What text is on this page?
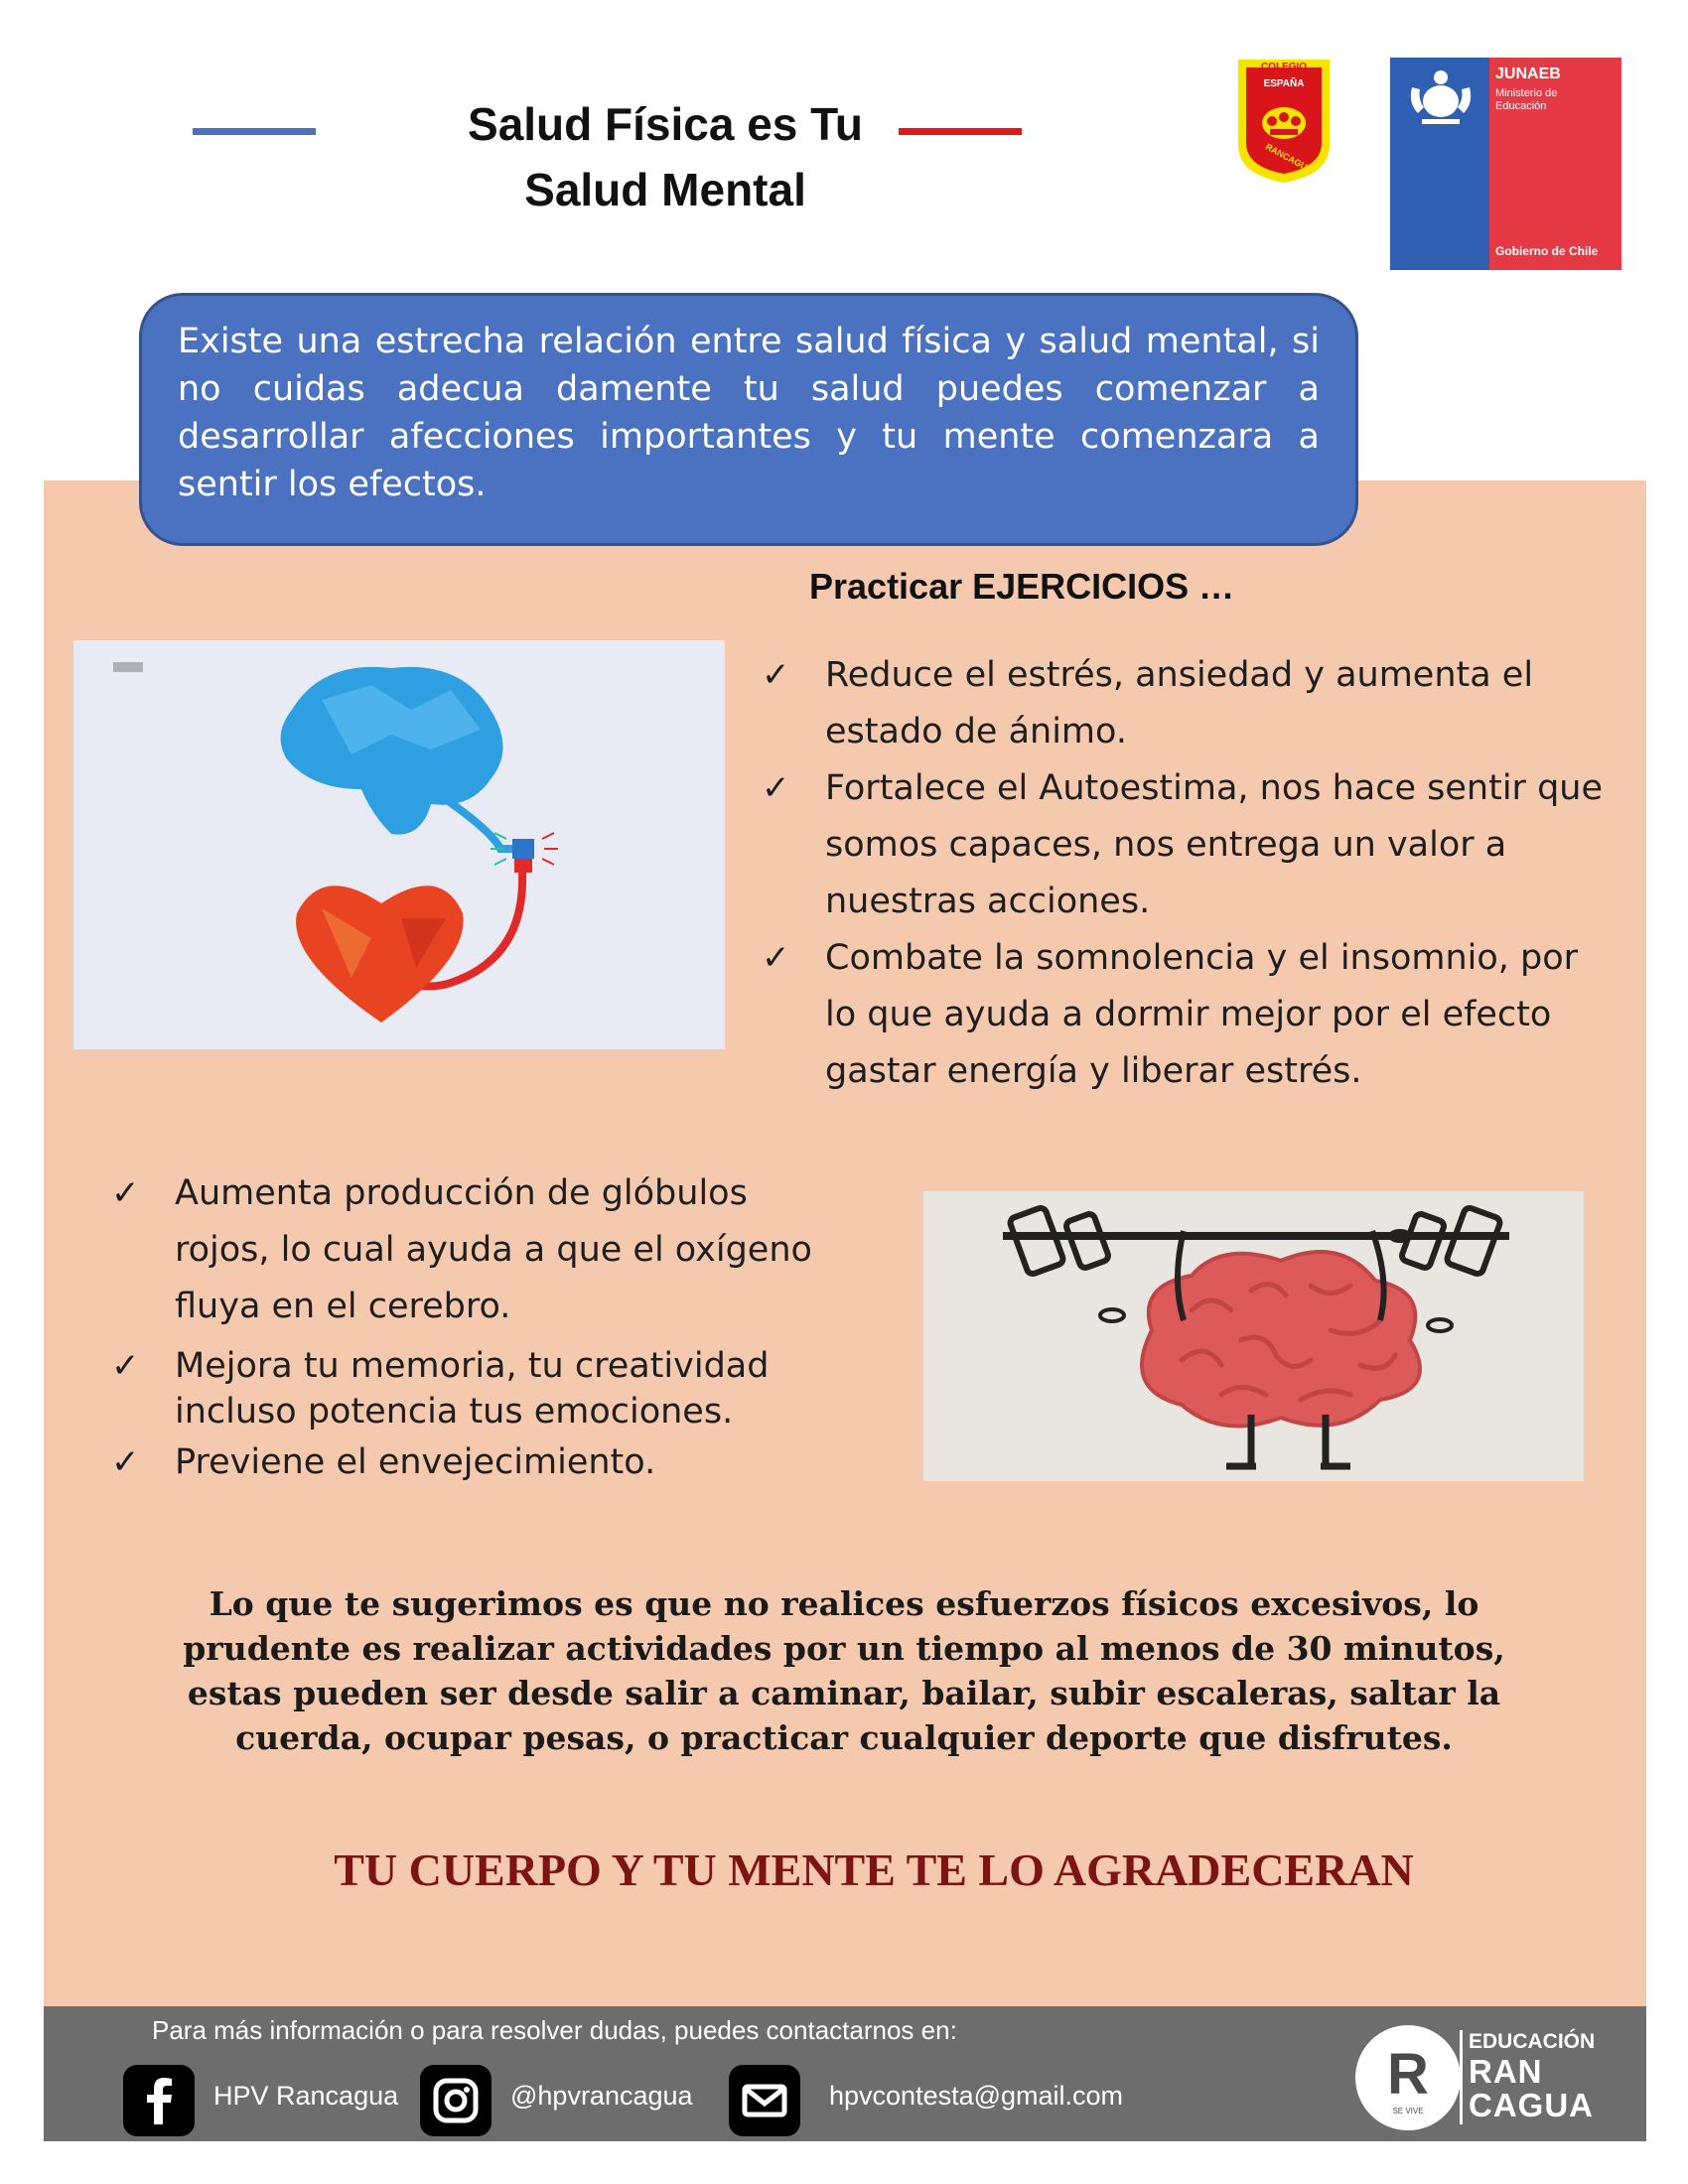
Salud Física es Tu Salud Mental
COLEGIO
ESPAÑA
RANCAGUA
JUNAEB
Ministerio de Educación
Gobierno de Chile
Existe una estrecha relación entre salud física y salud mental, si no cuidas adecua damente tu salud puedes comenzar a desarrollar afecciones importantes y tu mente comenzara a sentir los efectos.
Practicar EJERCICIOS …
✓ Reduce el estrés, ansiedad y aumenta el estado de ánimo.
✓ Fortalece el Autoestima, nos hace sentir que somos capaces, nos entrega un valor a nuestras acciones.
✓ Combate la somnolencia y el insomnio, por lo que ayuda a dormir mejor por el efecto gastar energía y liberar estrés.
✓ Aumenta producción de glóbulos rojos, lo cual ayuda a que el oxígeno fluya en el cerebro.
✓ Mejora tu memoria, tu creatividad incluso potencia tus emociones.
✓ Previene el envejecimiento.
Lo que te sugerimos es que no realices esfuerzos físicos excesivos, lo prudente es realizar actividades por un tiempo al menos de 30 minutos, estas pueden ser desde salir a caminar, bailar, subir escaleras, saltar la cuerda, ocupar pesas, o practicar cualquier deporte que disfrutes.
TU CUERPO Y TU MENTE TE LO AGRADECERAN
Para más información o para resolver dudas, puedes contactarnos en:
HPV Rancagua	@hpvrancagua	hpvcontesta@gmail.com	R
SE VIVE
EDUCACIÓN
RAN
CAGUA
